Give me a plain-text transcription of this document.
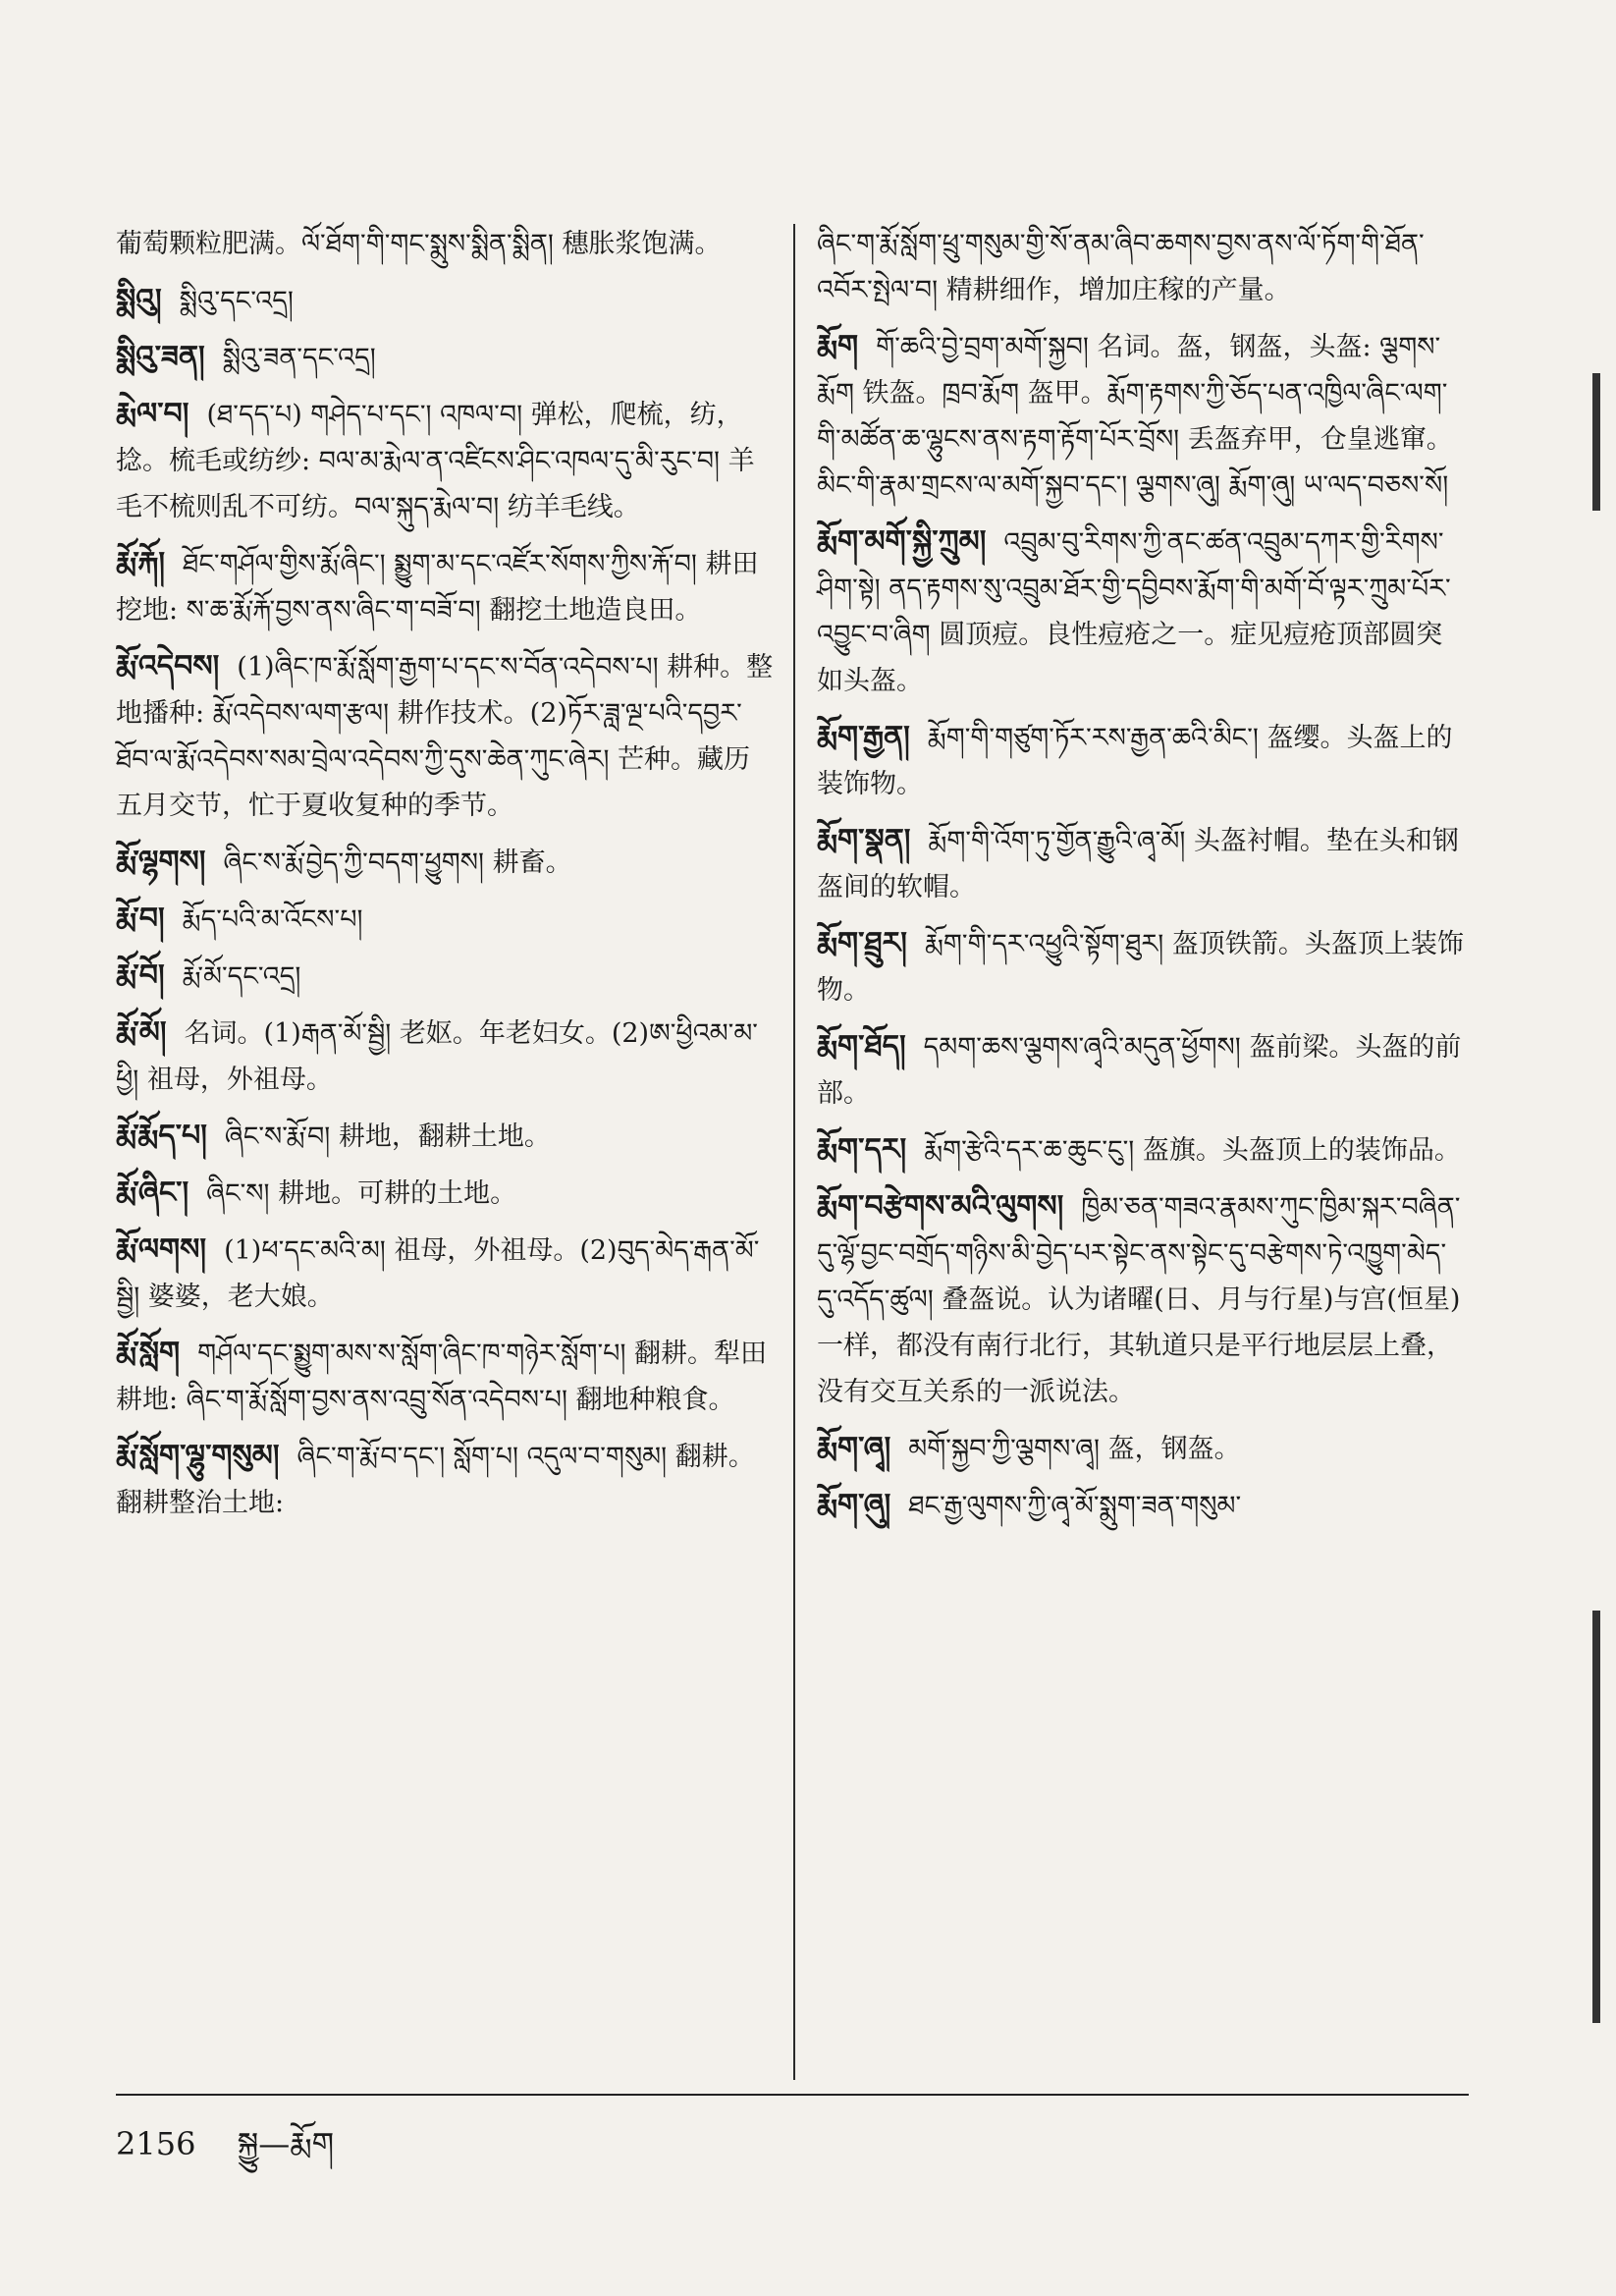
葡萄颗粒肥满。ལོ་ཐོག་གི་གང་སྨུས་སྨིན་སྨིན། 穗胀浆饱满。
སྨིའུ། སྨིའུ་དང་འདྲ།
སྨིའུ་ཟན། སྨིའུ་ཟན་དང་འདྲ།
རྨེལ་བ། (ཐ་དད་པ) གཤེད་པ་དང་། འཁལ་བ། 弹松，爬梳，纺，捻。梳毛或纺纱: བལ་མ་རྨེལ་ན་འཛིངས་ཤིང་འཁལ་དུ་མི་རུང་བ། 羊毛不梳则乱不可纺。བལ་སྐུད་རྨེལ་བ། 纺羊毛线。
རྨོ་རྐོ། ཐོང་གཤོལ་གྱིས་རྨོ་ཞིང་། སྨྱུག་མ་དང་འཛོར་སོགས་ཀྱིས་རྐོ་བ། 耕田挖地: ས་ཆ་རྨོ་རྐོ་བྱས་ནས་ཞིང་ག་བཟོ་བ། 翻挖土地造良田。
རྨོ་འདེབས། (1)ཞིང་ཁ་རྨོ་སློག་རྒྱག་པ་དང་ས་བོན་འདེབས་པ། 耕种。整地播种: རྨོ་འདེབས་ལག་རྩལ། 耕作技术。(2)ཏོར་ཟླ་ལྔ་པའི་དབྱར་ཐོབ་ལ་རྨོ་འདེབས་སམ་བྲེལ་འདེབས་ཀྱི་དུས་ཆེན་ཀུང་ཞེར། 芒种。藏历五月交节，忙于夏收复种的季节。
རྨོ་ལྷགས། ཞིང་ས་རྨོ་བྱེད་ཀྱི་བདག་ཕྱུགས། 耕畜。
རྨོ་བ། རྨོད་པའི་མ་འོངས་པ།
རྨོ་བོ། རྨོ་མོ་དང་འདྲ།
རྨོ་མོ། 名词。(1)རྒན་མོ་སྦྱི། 老妪。年老妇女。(2)ཨ་ཕྱིའམ་མ་ཕྱི། 祖母，外祖母。
རྨོ་རྨོད་པ། ཞིང་ས་རྨོ་བ། 耕地，翻耕土地。
རྨོ་ཞིང་། ཞིང་ས། 耕地。可耕的土地。
རྨོ་ལགས། (1)ཕ་དང་མའི་མ། 祖母，外祖母。(2)བུད་མེད་རྒན་མོ་སྦྱི། 婆婆，老大娘。
རྨོ་སློག གཤོལ་དང་སྨྱུག་མས་ས་སློག་ཞིང་ཁ་གཉེར་སློག་པ། 翻耕。犁田耕地: ཞིང་ག་རྨོ་སློག་བྱས་ནས་འབྲུ་སོན་འདེབས་པ། 翻地种粮食。
རྨོ་སློག་ལྷུ་གསུམ། ཞིང་ག་རྨོ་བ་དང་། སློག་པ། འདུལ་བ་གསུམ། 翻耕。翻耕整治土地:
ཞིང་ག་རྨོ་སློག་ཕྲུ་གསུམ་གྱི་སོ་ནམ་ཞིབ་ཆགས་བྱས་ནས་ལོ་ཏོག་གི་ཐོན་འབོར་སྤེལ་བ། 精耕细作，增加庄稼的产量。
རྨོག གོ་ཆའི་བྱེ་བྲག་མགོ་སྐྱབ། 名词。盔，钢盔，头盔: ལྕགས་རྨོག 铁盔。ཁྲབ་རྨོག 盔甲。རྨོག་རྟགས་ཀྱི་ཅོད་པན་འཁྱིལ་ཞིང་ལག་གི་མཚོན་ཆ་ལྷུངས་ནས་རྟག་རྟོག་པོར་བྲོས། 丢盔弃甲，仓皇逃窜。མིང་གི་རྣམ་གྲངས་ལ་མགོ་སྐྱབ་དང་། ལྕགས་ཞུ། རྨོག་ཞུ། ཡ་ལད་བཅས་སོ།
རྨོག་མགོ་སྐྱི་ཀྲུམ། འབྲུམ་བུ་རིགས་ཀྱི་ནང་ཚན་འབྲུམ་དཀར་གྱི་རིགས་ཤིག་སྟེ། ནད་རྟགས་སུ་འབྲུམ་ཐོར་གྱི་དབྱིབས་རྨོག་གི་མགོ་བོ་ལྟར་ཀྲུམ་པོར་འབྱུང་བ་ཞིག 圆顶痘。良性痘疮之一。症见痘疮顶部圆突如头盔。
རྨོག་རྒྱན། རྨོག་གི་གཙུག་ཏོར་རས་རྒྱན་ཆའི་མིང་། 盔缨。头盔上的装饰物。
རྨོག་སྣན། རྨོག་གི་འོག་ཏུ་གྱོན་རྒྱུའི་ཞྭ་མོ། 头盔衬帽。垫在头和钢盔间的软帽。
རྨོག་ཐྲུར། རྨོག་གི་དར་འཕྱུའི་སྟོག་ཐུར། 盔顶铁箭。头盔顶上装饰物。
རྨོག་ཐོད། དམག་ཆས་ལྕགས་ཞྭའི་མདུན་ཕྱོགས། 盔前梁。头盔的前部。
རྨོག་དར། རྨོག་རྩེའི་དར་ཆ་ཆུང་ངུ་། 盔旗。头盔顶上的装饰品。
རྨོག་བརྩེགས་མའི་ལུགས། ཁྱིམ་ཅན་གཟའ་རྣམས་ཀུང་ཁྱིམ་སྐར་བཞིན་དུ་ལྷོ་བྱང་བགྲོད་གཉིས་མི་བྱེད་པར་སྟེང་ནས་སྟེང་དུ་བརྩེགས་ཏེ་འཁྱུག་མེད་དུ་འདོད་ཚུལ། 叠盔说。认为诸曜(日、月与行星)与宫(恒星)一样，都没有南行北行，其轨道只是平行地层层上叠，没有交互关系的一派说法。
རྨོག་ཞྭ། མགོ་སྐྱབ་ཀྱི་ལྕགས་ཞྭ། 盔，钢盔。
རྨོག་ཞུ། ཐང་རྒྱ་ལུགས་ཀྱི་ཞྭ་མོ་སྨུག་ཟན་གསུམ་
2156 སྐྱུ—རྨོག
